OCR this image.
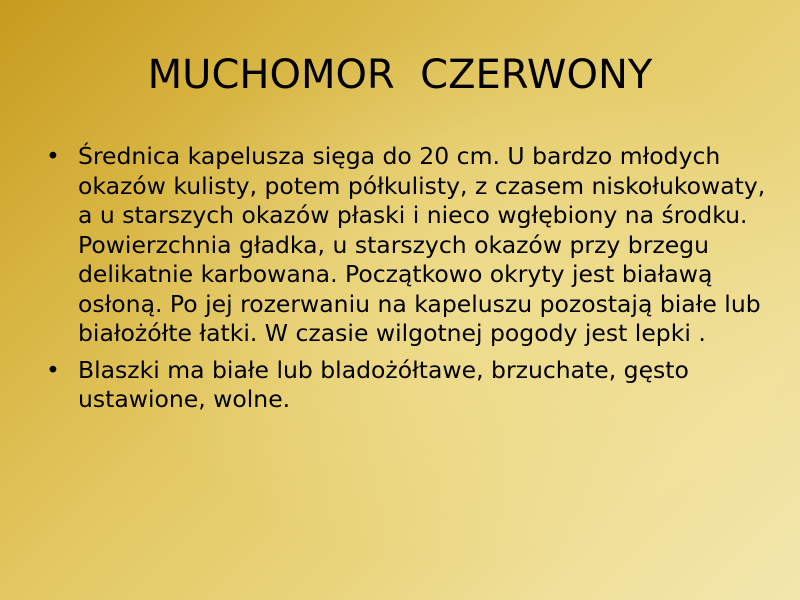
MUCHOMOR  CZERWONY
• Średnica kapelusza sięga do 20 cm. U bardzo młodych okazów kulisty, potem półkulisty, z czasem niskołukowaty, a u starszych okazów płaski i nieco wgłębiony na środku. Powierzchnia gładka, u starszych okazów przy brzegu delikatnie karbowana. Początkowo okryty jest białawą osłoną. Po jej rozerwaniu na kapeluszu pozostają białe lub białożółte łatki. W czasie wilgotnej pogody jest lepki .
• Blaszki ma białe lub bladożółtawe, brzuchate, gęsto ustawione, wolne.
